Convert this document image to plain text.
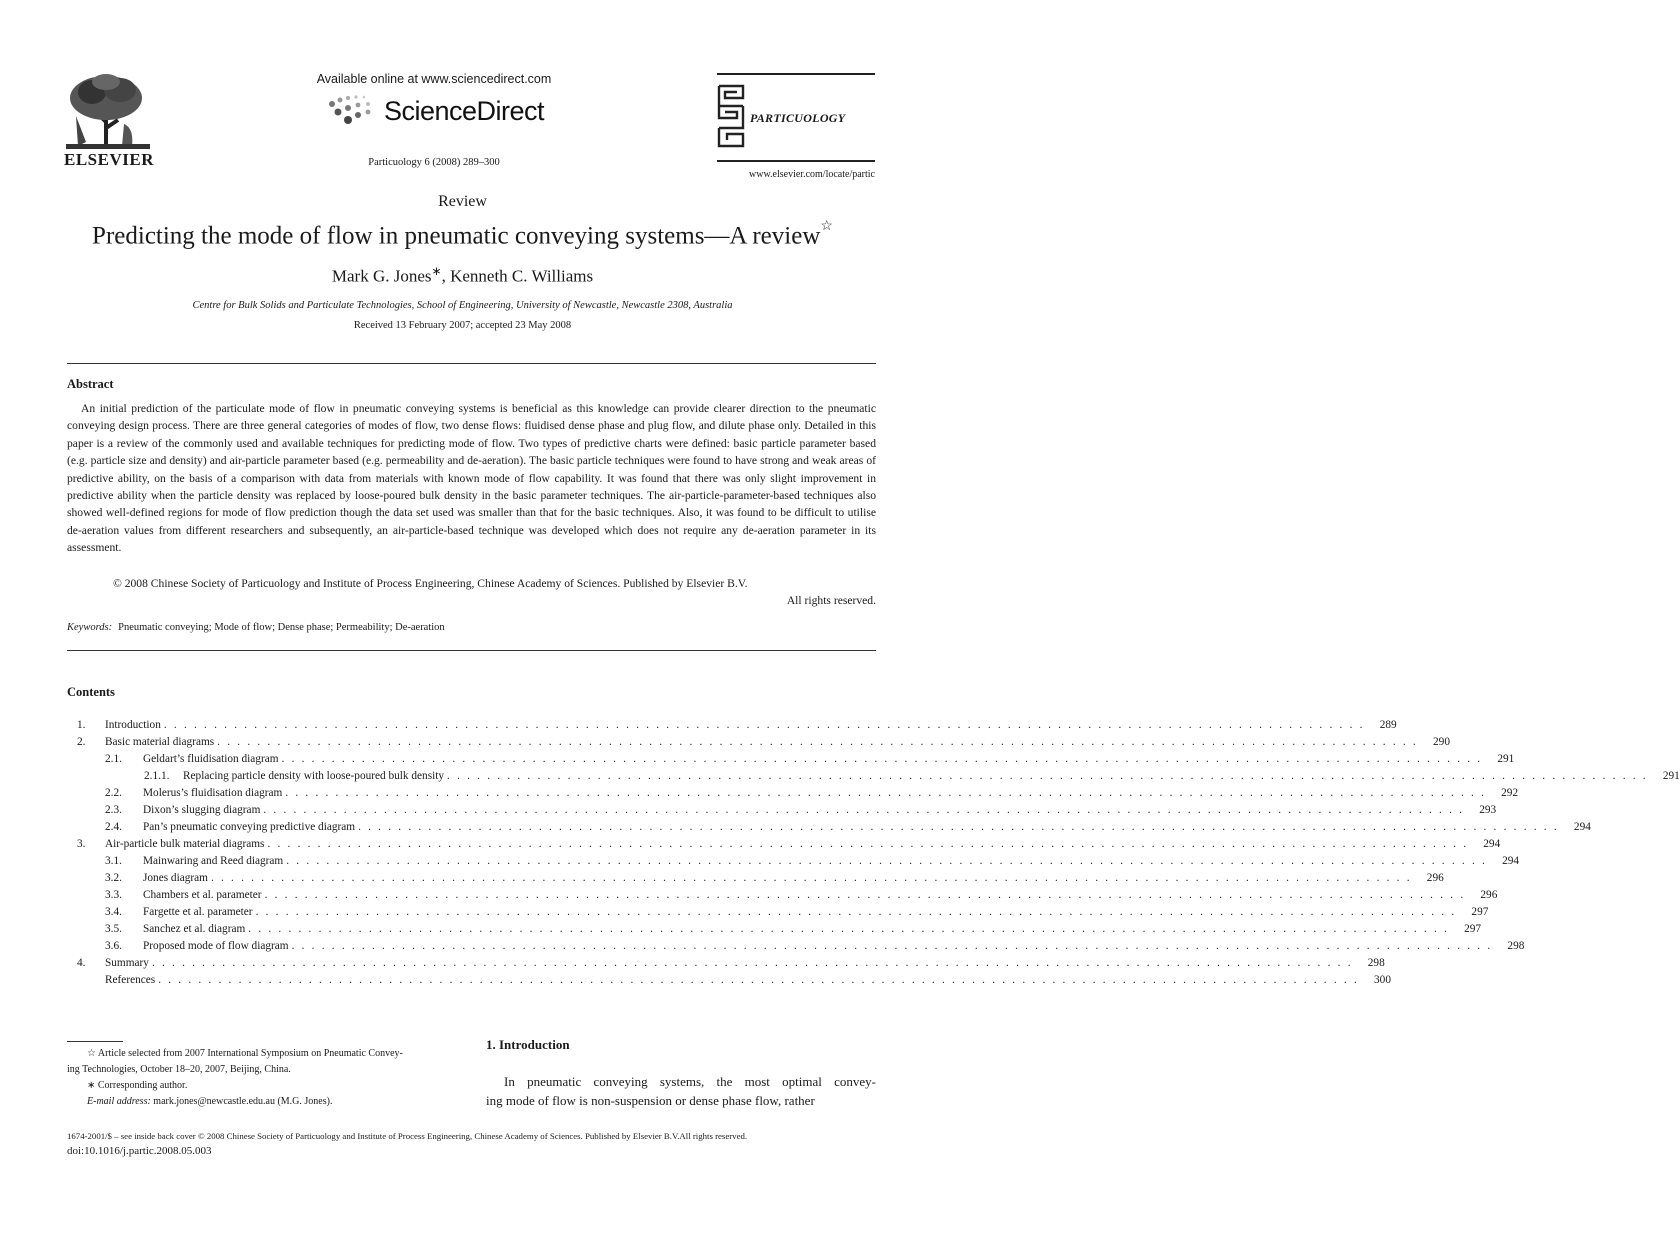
ELSEVIER
Available online at www.sciencedirect.com
ScienceDirect
Particuology 6 (2008) 289–300
PARTICUOLOGY
www.elsevier.com/locate/partic
Review
Predicting the mode of flow in pneumatic conveying systems—A review☆
Mark G. Jones∗, Kenneth C. Williams
Centre for Bulk Solids and Particulate Technologies, School of Engineering, University of Newcastle, Newcastle 2308, Australia
Received 13 February 2007; accepted 23 May 2008
Abstract

An initial prediction of the particulate mode of flow in pneumatic conveying systems is beneficial as this knowledge can provide clearer direction to the pneumatic conveying design process. There are three general categories of modes of flow, two dense flows: fluidised dense phase and plug flow, and dilute phase only. Detailed in this paper is a review of the commonly used and available techniques for predicting mode of flow. Two types of predictive charts were defined: basic particle parameter based (e.g. particle size and density) and air-particle parameter based (e.g. permeability and de-aeration). The basic particle techniques were found to have strong and weak areas of predictive ability, on the basis of a comparison with data from materials with known mode of flow capability. It was found that there was only slight improvement in predictive ability when the particle density was replaced by loose-poured bulk density in the basic parameter techniques. The air-particle-parameter-based techniques also showed well-defined regions for mode of flow prediction though the data set used was smaller than that for the basic techniques. Also, it was found to be difficult to utilise de-aeration values from different researchers and subsequently, an air-particle-based technique was developed which does not require any de-aeration parameter in its assessment.

© 2008 Chinese Society of Particuology and Institute of Process Engineering, Chinese Academy of Sciences. Published by Elsevier B.V.
All rights reserved.
Keywords: Pneumatic conveying; Mode of flow; Dense phase; Permeability; De-aeration
Contents
1.	Introduction . . . . . . . . . . . . . . . . . . . . . . . . . . . . . . . . . . . . . . . . . . . . . . . . . . . . . . . . . . . . . . . . . . . . . . . . . . . . . . . . . . . . . . . . . . . . . . . . . . . . . . . . . . . . . . . . . . . . . . . .	289
2.	Basic material diagrams . . . . . . . . . . . . . . . . . . . . . . . . . . . . . . . . . . . . . . . . . . . . . . . . . . . . . . . . . . . . . . . . . . . . . . . . . . . . . . . . . . . . . . . . . . . . . . . . . . . . . . . . . . . . . . . . . . . . . . . .	290
2.1.	Geldart’s fluidisation diagram . . . . . . . . . . . . . . . . . . . . . . . . . . . . . . . . . . . . . . . . . . . . . . . . . . . . . . . . . . . . . . . . . . . . . . . . . . . . . . . . . . . . . . . . . . . . . . . . . . . . . . . . . . . . . . . . . . . . . . . .	291
2.1.1.	Replacing particle density with loose-poured bulk density . . . . . . . . . . . . . . . . . . . . . . . . . . . . . . . . . . . . . . . . . . . . . . . . . . . . . . . . . . . . . . . . . . . . . . . . . . . . . . . . . . . . . . . . . . . . . . . . . . . . . . . . . . . . . . . . . . . . . . . .	291
2.2.	Molerus’s fluidisation diagram . . . . . . . . . . . . . . . . . . . . . . . . . . . . . . . . . . . . . . . . . . . . . . . . . . . . . . . . . . . . . . . . . . . . . . . . . . . . . . . . . . . . . . . . . . . . . . . . . . . . . . . . . . . . . . . . . . . . . . . .	292
2.3.	Dixon’s slugging diagram . . . . . . . . . . . . . . . . . . . . . . . . . . . . . . . . . . . . . . . . . . . . . . . . . . . . . . . . . . . . . . . . . . . . . . . . . . . . . . . . . . . . . . . . . . . . . . . . . . . . . . . . . . . . . . . . . . . . . . . .	293
2.4.	Pan’s pneumatic conveying predictive diagram . . . . . . . . . . . . . . . . . . . . . . . . . . . . . . . . . . . . . . . . . . . . . . . . . . . . . . . . . . . . . . . . . . . . . . . . . . . . . . . . . . . . . . . . . . . . . . . . . . . . . . . . . . . . . . . . . . . . . . . .	294
3.	Air-particle bulk material diagrams . . . . . . . . . . . . . . . . . . . . . . . . . . . . . . . . . . . . . . . . . . . . . . . . . . . . . . . . . . . . . . . . . . . . . . . . . . . . . . . . . . . . . . . . . . . . . . . . . . . . . . . . . . . . . . . . . . . . . . . .	294
3.1.	Mainwaring and Reed diagram . . . . . . . . . . . . . . . . . . . . . . . . . . . . . . . . . . . . . . . . . . . . . . . . . . . . . . . . . . . . . . . . . . . . . . . . . . . . . . . . . . . . . . . . . . . . . . . . . . . . . . . . . . . . . . . . . . . . . . . .	294
3.2.	Jones diagram . . . . . . . . . . . . . . . . . . . . . . . . . . . . . . . . . . . . . . . . . . . . . . . . . . . . . . . . . . . . . . . . . . . . . . . . . . . . . . . . . . . . . . . . . . . . . . . . . . . . . . . . . . . . . . . . . . . . . . . .	296
3.3.	Chambers et al. parameter . . . . . . . . . . . . . . . . . . . . . . . . . . . . . . . . . . . . . . . . . . . . . . . . . . . . . . . . . . . . . . . . . . . . . . . . . . . . . . . . . . . . . . . . . . . . . . . . . . . . . . . . . . . . . . . . . . . . . . . .	296
3.4.	Fargette et al. parameter . . . . . . . . . . . . . . . . . . . . . . . . . . . . . . . . . . . . . . . . . . . . . . . . . . . . . . . . . . . . . . . . . . . . . . . . . . . . . . . . . . . . . . . . . . . . . . . . . . . . . . . . . . . . . . . . . . . . . . . .	297
3.5.	Sanchez et al. diagram . . . . . . . . . . . . . . . . . . . . . . . . . . . . . . . . . . . . . . . . . . . . . . . . . . . . . . . . . . . . . . . . . . . . . . . . . . . . . . . . . . . . . . . . . . . . . . . . . . . . . . . . . . . . . . . . . . . . . . . .	297
3.6.	Proposed mode of flow diagram . . . . . . . . . . . . . . . . . . . . . . . . . . . . . . . . . . . . . . . . . . . . . . . . . . . . . . . . . . . . . . . . . . . . . . . . . . . . . . . . . . . . . . . . . . . . . . . . . . . . . . . . . . . . . . . . . . . . . . . .	298
4.	Summary . . . . . . . . . . . . . . . . . . . . . . . . . . . . . . . . . . . . . . . . . . . . . . . . . . . . . . . . . . . . . . . . . . . . . . . . . . . . . . . . . . . . . . . . . . . . . . . . . . . . . . . . . . . . . . . . . . . . . . . .	298
References . . . . . . . . . . . . . . . . . . . . . . . . . . . . . . . . . . . . . . . . . . . . . . . . . . . . . . . . . . . . . . . . . . . . . . . . . . . . . . . . . . . . . . . . . . . . . . . . . . . . . . . . . . . . . . . . . . . . . . . .	300
☆ Article selected from 2007 International Symposium on Pneumatic Convey-
ing Technologies, October 18–20, 2007, Beijing, China.
∗ Corresponding author.
E-mail address: mark.jones@newcastle.edu.au (M.G. Jones).
1. Introduction
In pneumatic conveying systems, the most optimal convey-
ing mode of flow is non-suspension or dense phase flow, rather
1674-2001/$ – see inside back cover © 2008 Chinese Society of Particuology and Institute of Process Engineering, Chinese Academy of Sciences. Published by Elsevier B.V.All rights reserved.
doi:10.1016/j.partic.2008.05.003
